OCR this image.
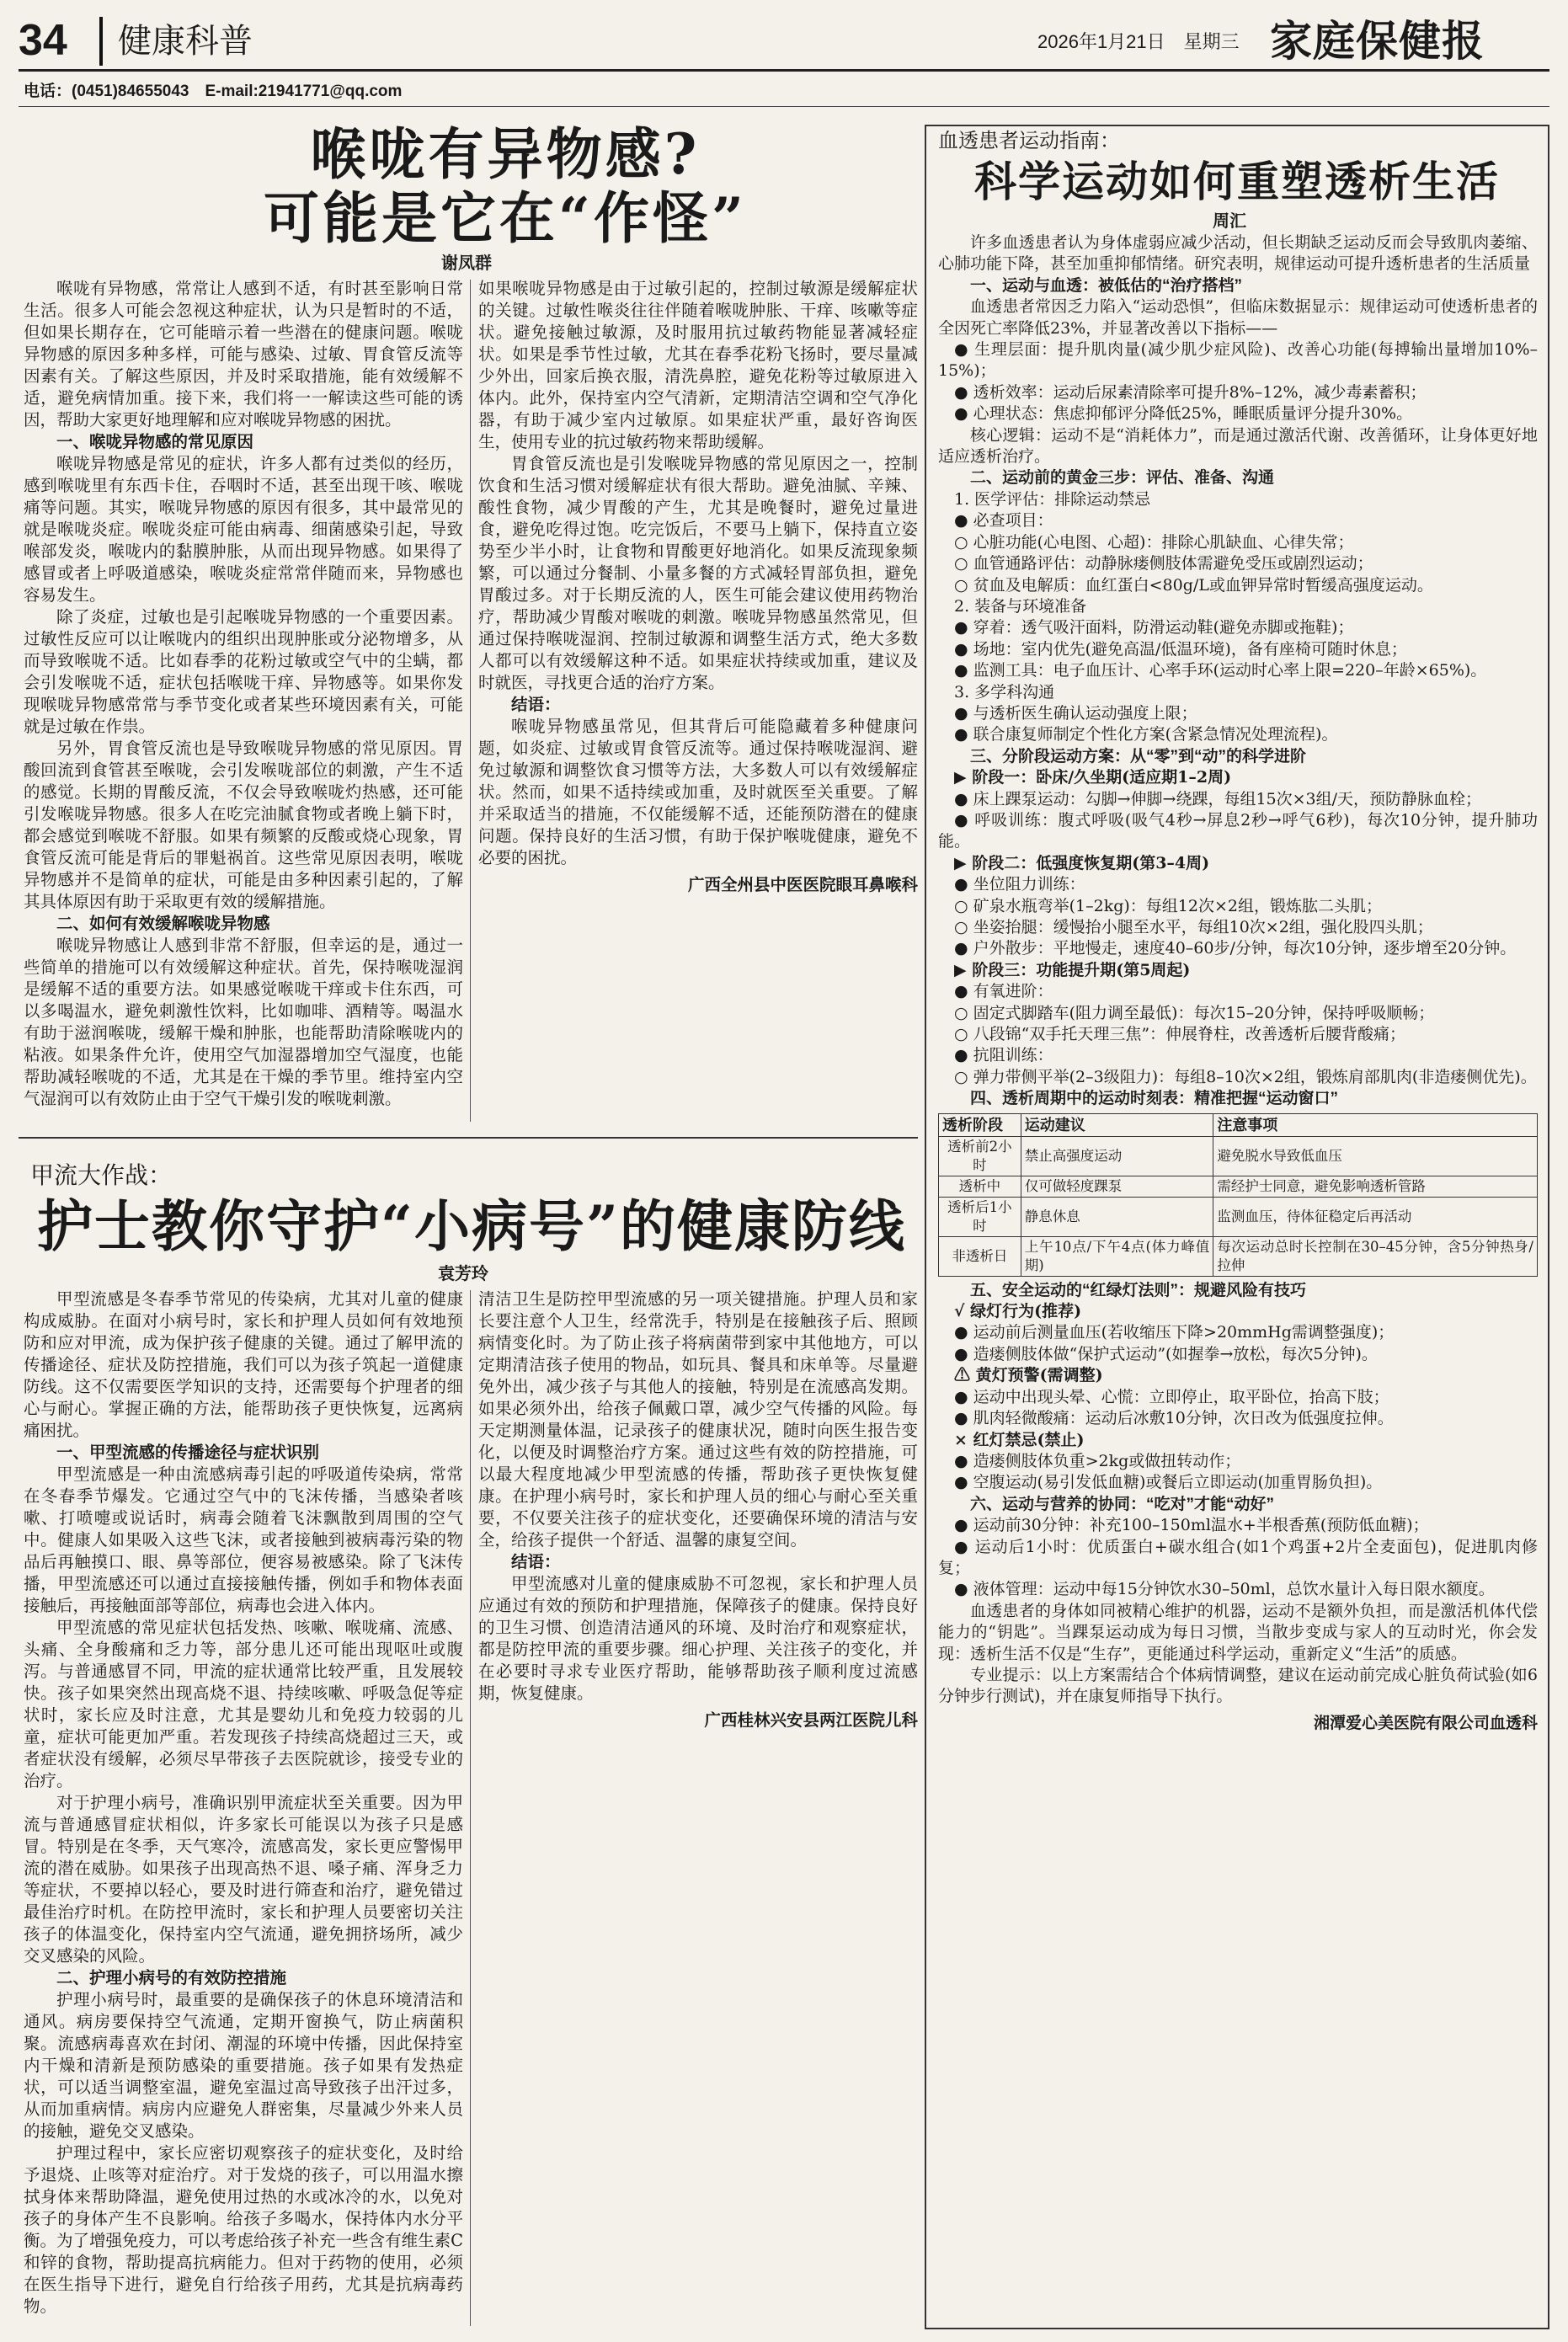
34 健康科普	2026年1月21日　星期三 家庭保健报
电话：(0451)84655043　E-mail:21941771@qq.com
喉咙有异物感?
可能是它在“作怪”
谢凤群

喉咙有异物感，常常让人感到不适，有时甚至影响日常生活。很多人可能会忽视这种症状，认为只是暂时的不适，但如果长期存在，它可能暗示着一些潜在的健康问题。喉咙异物感的原因多种多样，可能与感染、过敏、胃食管反流等因素有关。了解这些原因，并及时采取措施，能有效缓解不适，避免病情加重。接下来，我们将一一解读这些可能的诱因，帮助大家更好地理解和应对喉咙异物感的困扰。

一、喉咙异物感的常见原因

喉咙异物感是常见的症状，许多人都有过类似的经历，感到喉咙里有东西卡住，吞咽时不适，甚至出现干咳、喉咙痛等问题。其实，喉咙异物感的原因有很多，其中最常见的就是喉咙炎症。喉咙炎症可能由病毒、细菌感染引起，导致喉部发炎，喉咙内的黏膜肿胀，从而出现异物感。如果得了感冒或者上呼吸道感染，喉咙炎症常常伴随而来，异物感也容易发生。

除了炎症，过敏也是引起喉咙异物感的一个重要因素。过敏性反应可以让喉咙内的组织出现肿胀或分泌物增多，从而导致喉咙不适。比如春季的花粉过敏或空气中的尘螨，都会引发喉咙不适，症状包括喉咙干痒、异物感等。如果你发现喉咙异物感常常与季节变化或者某些环境因素有关，可能就是过敏在作祟。

另外，胃食管反流也是导致喉咙异物感的常见原因。胃酸回流到食管甚至喉咙，会引发喉咙部位的刺激，产生不适的感觉。长期的胃酸反流，不仅会导致喉咙灼热感，还可能引发喉咙异物感。很多人在吃完油腻食物或者晚上躺下时，都会感觉到喉咙不舒服。如果有频繁的反酸或烧心现象，胃食管反流可能是背后的罪魁祸首。这些常见原因表明，喉咙异物感并不是简单的症状，可能是由多种因素引起的，了解其具体原因有助于采取更有效的缓解措施。

二、如何有效缓解喉咙异物感

喉咙异物感让人感到非常不舒服，但幸运的是，通过一些简单的措施可以有效缓解这种症状。首先，保持喉咙湿润是缓解不适的重要方法。如果感觉喉咙干痒或卡住东西，可以多喝温水，避免刺激性饮料，比如咖啡、酒精等。喝温水有助于滋润喉咙，缓解干燥和肿胀，也能帮助清除喉咙内的粘液。如果条件允许，使用空气加湿器增加空气湿度，也能帮助减轻喉咙的不适，尤其是在干燥的季节里。维持室内空气湿润可以有效防止由于空气干燥引发的喉咙刺激。

如果喉咙异物感是由于过敏引起的，控制过敏源是缓解症状的关键。过敏性喉炎往往伴随着喉咙肿胀、干痒、咳嗽等症状。避免接触过敏源，及时服用抗过敏药物能显著减轻症状。如果是季节性过敏，尤其在春季花粉飞扬时，要尽量减少外出，回家后换衣服，清洗鼻腔，避免花粉等过敏原进入体内。此外，保持室内空气清新，定期清洁空调和空气净化器，有助于减少室内过敏原。如果症状严重，最好咨询医生，使用专业的抗过敏药物来帮助缓解。

胃食管反流也是引发喉咙异物感的常见原因之一，控制饮食和生活习惯对缓解症状有很大帮助。避免油腻、辛辣、酸性食物，减少胃酸的产生，尤其是晚餐时，避免过量进食，避免吃得过饱。吃完饭后，不要马上躺下，保持直立姿势至少半小时，让食物和胃酸更好地消化。如果反流现象频繁，可以通过分餐制、小量多餐的方式减轻胃部负担，避免胃酸过多。对于长期反流的人，医生可能会建议使用药物治疗，帮助减少胃酸对喉咙的刺激。喉咙异物感虽然常见，但通过保持喉咙湿润、控制过敏源和调整生活方式，绝大多数人都可以有效缓解这种不适。如果症状持续或加重，建议及时就医，寻找更合适的治疗方案。

结语：

喉咙异物感虽常见，但其背后可能隐藏着多种健康问题，如炎症、过敏或胃食管反流等。通过保持喉咙湿润、避免过敏源和调整饮食习惯等方法，大多数人可以有效缓解症状。然而，如果不适持续或加重，及时就医至关重要。了解并采取适当的措施，不仅能缓解不适，还能预防潜在的健康问题。保持良好的生活习惯，有助于保护喉咙健康，避免不必要的困扰。

广西全州县中医医院眼耳鼻喉科

甲流大作战：
护士教你守护“小病号”的健康防线
袁芳玲

甲型流感是冬春季节常见的传染病，尤其对儿童的健康构成威胁。在面对小病号时，家长和护理人员如何有效地预防和应对甲流，成为保护孩子健康的关键。通过了解甲流的传播途径、症状及防控措施，我们可以为孩子筑起一道健康防线。这不仅需要医学知识的支持，还需要每个护理者的细心与耐心。掌握正确的方法，能帮助孩子更快恢复，远离病痛困扰。

一、甲型流感的传播途径与症状识别

甲型流感是一种由流感病毒引起的呼吸道传染病，常常在冬春季节爆发。它通过空气中的飞沫传播，当感染者咳嗽、打喷嚏或说话时，病毒会随着飞沫飘散到周围的空气中。健康人如果吸入这些飞沫，或者接触到被病毒污染的物品后再触摸口、眼、鼻等部位，便容易被感染。除了飞沫传播，甲型流感还可以通过直接接触传播，例如手和物体表面接触后，再接触面部等部位，病毒也会进入体内。

甲型流感的常见症状包括发热、咳嗽、喉咙痛、流感、头痛、全身酸痛和乏力等，部分患儿还可能出现呕吐或腹泻。与普通感冒不同，甲流的症状通常比较严重，且发展较快。孩子如果突然出现高烧不退、持续咳嗽、呼吸急促等症状时，家长应及时注意，尤其是婴幼儿和免疫力较弱的儿童，症状可能更加严重。若发现孩子持续高烧超过三天，或者症状没有缓解，必须尽早带孩子去医院就诊，接受专业的治疗。

对于护理小病号，准确识别甲流症状至关重要。因为甲流与普通感冒症状相似，许多家长可能误以为孩子只是感冒。特别是在冬季，天气寒冷，流感高发，家长更应警惕甲流的潜在威胁。如果孩子出现高热不退、嗓子痛、浑身乏力等症状，不要掉以轻心，要及时进行筛查和治疗，避免错过最佳治疗时机。在防控甲流时，家长和护理人员要密切关注孩子的体温变化，保持室内空气流通，避免拥挤场所，减少交叉感染的风险。

二、护理小病号的有效防控措施

护理小病号时，最重要的是确保孩子的休息环境清洁和通风。病房要保持空气流通，定期开窗换气，防止病菌积聚。流感病毒喜欢在封闭、潮湿的环境中传播，因此保持室内干燥和清新是预防感染的重要措施。孩子如果有发热症状，可以适当调整室温，避免室温过高导致孩子出汗过多，从而加重病情。病房内应避免人群密集，尽量减少外来人员的接触，避免交叉感染。

护理过程中，家长应密切观察孩子的症状变化，及时给予退烧、止咳等对症治疗。对于发烧的孩子，可以用温水擦拭身体来帮助降温，避免使用过热的水或冰冷的水，以免对孩子的身体产生不良影响。给孩子多喝水，保持体内水分平衡。为了增强免疫力，可以考虑给孩子补充一些含有维生素C和锌的食物，帮助提高抗病能力。但对于药物的使用，必须在医生指导下进行，避免自行给孩子用药，尤其是抗病毒药物。

清洁卫生是防控甲型流感的另一项关键措施。护理人员和家长要注意个人卫生，经常洗手，特别是在接触孩子后、照顾病情变化时。为了防止孩子将病菌带到家中其他地方，可以定期清洁孩子使用的物品，如玩具、餐具和床单等。尽量避免外出，减少孩子与其他人的接触，特别是在流感高发期。如果必须外出，给孩子佩戴口罩，减少空气传播的风险。每天定期测量体温，记录孩子的健康状况，随时向医生报告变化，以便及时调整治疗方案。通过这些有效的防控措施，可以最大程度地减少甲型流感的传播，帮助孩子更快恢复健康。在护理小病号时，家长和护理人员的细心与耐心至关重要，不仅要关注孩子的症状变化，还要确保环境的清洁与安全，给孩子提供一个舒适、温馨的康复空间。

结语：

甲型流感对儿童的健康威胁不可忽视，家长和护理人员应通过有效的预防和护理措施，保障孩子的健康。保持良好的卫生习惯、创造清洁通风的环境、及时治疗和观察症状，都是防控甲流的重要步骤。细心护理、关注孩子的变化，并在必要时寻求专业医疗帮助，能够帮助孩子顺利度过流感期，恢复健康。

广西桂林兴安县两江医院儿科

血透患者运动指南：
科学运动如何重塑透析生活
周汇

许多血透患者认为身体虚弱应减少活动，但长期缺乏运动反而会导致肌肉萎缩、心肺功能下降，甚至加重抑郁情绪。研究表明，规律运动可提升透析患者的生活质量

一、运动与血透：被低估的“治疗搭档”

血透患者常因乏力陷入“运动恐惧”，但临床数据显示：规律运动可使透析患者的全因死亡率降低23%，并显著改善以下指标——

● 生理层面：提升肌肉量(减少肌少症风险)、改善心功能(每搏输出量增加10%–15%)；

● 透析效率：运动后尿素清除率可提升8%–12%，减少毒素蓄积；

● 心理状态：焦虑抑郁评分降低25%，睡眠质量评分提升30%。

核心逻辑：运动不是“消耗体力”，而是通过激活代谢、改善循环，让身体更好地适应透析治疗。

二、运动前的黄金三步：评估、准备、沟通

1. 医学评估：排除运动禁忌

● 必查项目：

○ 心脏功能(心电图、心超)：排除心肌缺血、心律失常；

○ 血管通路评估：动静脉瘘侧肢体需避免受压或剧烈运动；

○ 贫血及电解质：血红蛋白<80g/L或血钾异常时暂缓高强度运动。

2. 装备与环境准备

● 穿着：透气吸汗面料，防滑运动鞋(避免赤脚或拖鞋)；

● 场地：室内优先(避免高温/低温环境)，备有座椅可随时休息；

● 监测工具：电子血压计、心率手环(运动时心率上限=220–年龄×65%)。

3. 多学科沟通

● 与透析医生确认运动强度上限；

● 联合康复师制定个性化方案(含紧急情况处理流程)。

三、分阶段运动方案：从“零”到“动”的科学进阶

▶ 阶段一：卧床/久坐期(适应期1–2周)

● 床上踝泵运动：勾脚→伸脚→绕踝，每组15次×3组/天，预防静脉血栓；

● 呼吸训练：腹式呼吸(吸气4秒→屏息2秒→呼气6秒)，每次10分钟，提升肺功能。

▶ 阶段二：低强度恢复期(第3–4周)

● 坐位阻力训练：

○ 矿泉水瓶弯举(1–2kg)：每组12次×2组，锻炼肱二头肌；

○ 坐姿抬腿：缓慢抬小腿至水平，每组10次×2组，强化股四头肌；

● 户外散步：平地慢走，速度40–60步/分钟，每次10分钟，逐步增至20分钟。

▶ 阶段三：功能提升期(第5周起)

● 有氧进阶：

○ 固定式脚踏车(阻力调至最低)：每次15–20分钟，保持呼吸顺畅；

○ 八段锦“双手托天理三焦”：伸展脊柱，改善透析后腰背酸痛；

● 抗阻训练：

○ 弹力带侧平举(2–3级阻力)：每组8–10次×2组，锻炼肩部肌肉(非造瘘侧优先)。

四、透析周期中的运动时刻表：精准把握“运动窗口”
透析阶段	运动建议	注意事项
透析前2小时	禁止高强度运动	避免脱水导致低血压
透析中	仅可做轻度踝泵	需经护士同意，避免影响透析管路
透析后1小时	静息休息	监测血压，待体征稳定后再活动
非透析日	上午10点/下午4点(体力峰值期)	每次运动总时长控制在30–45分钟，含5分钟热身/拉伸
五、安全运动的“红绿灯法则”：规避风险有技巧

√ 绿灯行为(推荐)

● 运动前后测量血压(若收缩压下降>20mmHg需调整强度)；

● 造瘘侧肢体做“保护式运动”(如握拳→放松，每次5分钟)。

⚠ 黄灯预警(需调整)

● 运动中出现头晕、心慌：立即停止，取平卧位，抬高下肢；

● 肌肉轻微酸痛：运动后冰敷10分钟，次日改为低强度拉伸。

× 红灯禁忌(禁止)

● 造瘘侧肢体负重>2kg或做扭转动作；

● 空腹运动(易引发低血糖)或餐后立即运动(加重胃肠负担)。

六、运动与营养的协同：“吃对”才能“动好”

● 运动前30分钟：补充100–150ml温水+半根香蕉(预防低血糖)；

● 运动后1小时：优质蛋白+碳水组合(如1个鸡蛋+2片全麦面包)，促进肌肉修复；

● 液体管理：运动中每15分钟饮水30–50ml，总饮水量计入每日限水额度。

血透患者的身体如同被精心维护的机器，运动不是额外负担，而是激活机体代偿能力的“钥匙”。当踝泵运动成为每日习惯，当散步变成与家人的互动时光，你会发现：透析生活不仅是“生存”，更能通过科学运动，重新定义“生活”的质感。

专业提示：以上方案需结合个体病情调整，建议在运动前完成心脏负荷试验(如6分钟步行测试)，并在康复师指导下执行。

湘潭爱心美医院有限公司血透科
